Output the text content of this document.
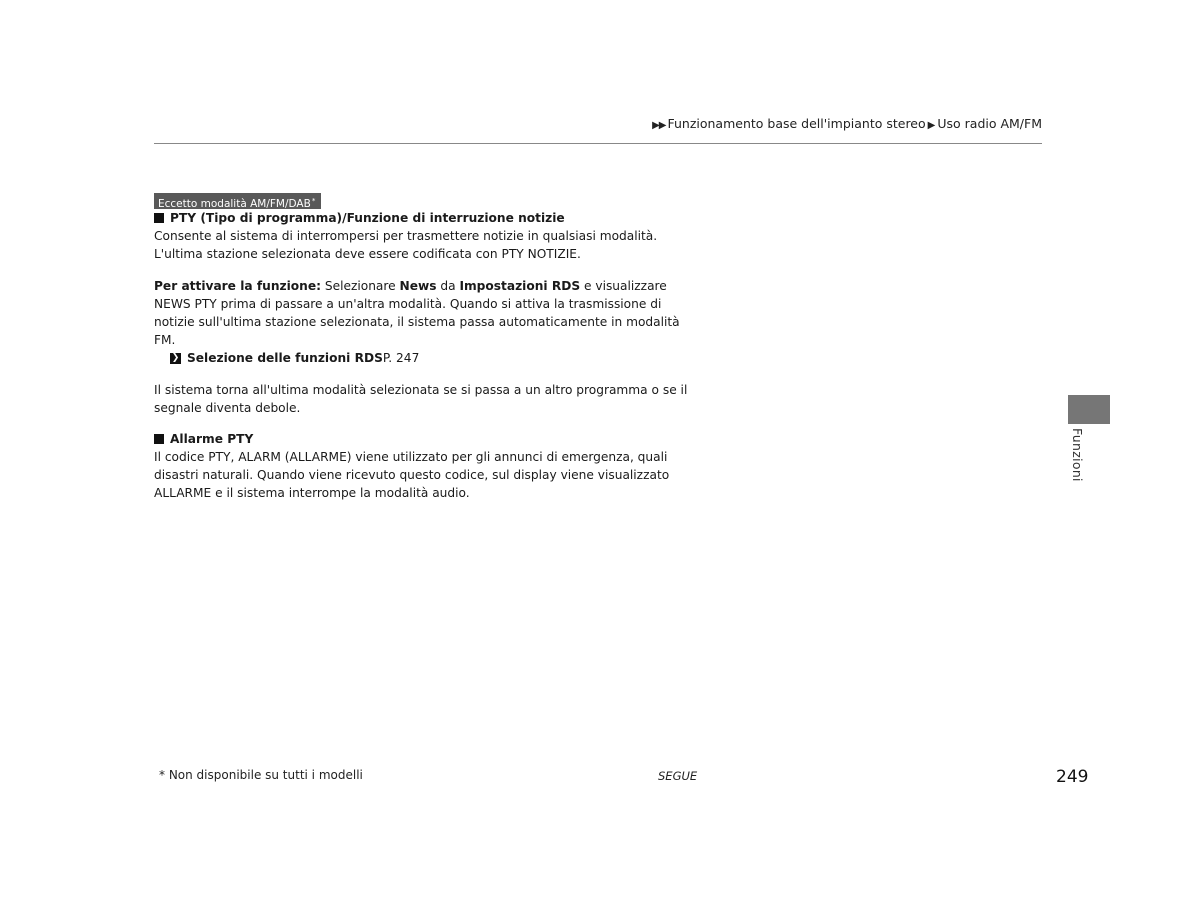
▶▶ Funzionamento base dell'impianto stereo ▶ Uso radio AM/FM
Eccetto modalità AM/FM/DAB*
PTY (Tipo di programma)/Funzione di interruzione notizie

Consente al sistema di interrompersi per trasmettere notizie in qualsiasi modalità. L'ultima stazione selezionata deve essere codificata con PTY NOTIZIE.

Per attivare la funzione: Selezionare News da Impostazioni RDS e visualizzare NEWS PTY prima di passare a un'altra modalità. Quando si attiva la trasmissione di notizie sull'ultima stazione selezionata, il sistema passa automaticamente in modalità FM.

❯ Selezione delle funzioni RDS P. 247

Il sistema torna all'ultima modalità selezionata se si passa a un altro programma o se il segnale diventa debole.

Allarme PTY

Il codice PTY, ALARM (ALLARME) viene utilizzato per gli annunci di emergenza, quali disastri naturali. Quando viene ricevuto questo codice, sul display viene visualizzato ALLARME e il sistema interrompe la modalità audio.

Funzioni
* Non disponibile su tutti i modelli	SEGUE	249
